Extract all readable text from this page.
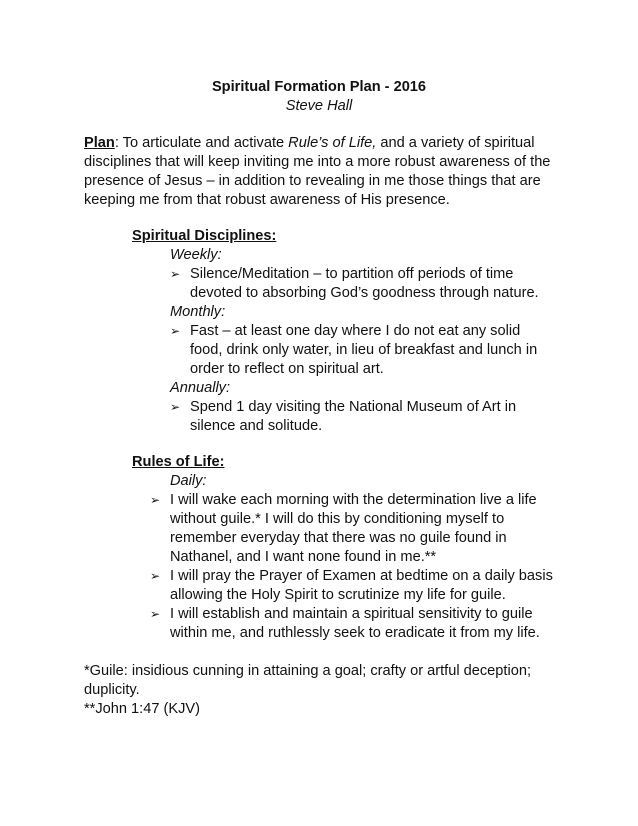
Spiritual Formation Plan - 2016

Steve Hall

Plan: To articulate and activate Rule’s of Life, and a variety of spiritual disciplines that will keep inviting me into a more robust awareness of the presence of Jesus – in addition to revealing in me those things that are keeping me from that robust awareness of His presence.

Spiritual Disciplines:

Weekly:

➢ Silence/Meditation – to partition off periods of time devoted to absorbing God’s goodness through nature.

Monthly:

➢ Fast – at least one day where I do not eat any solid food, drink only water, in lieu of breakfast and lunch in order to reflect on spiritual art.

Annually:

➢ Spend 1 day visiting the National Museum of Art in silence and solitude.

Rules of Life:

Daily:

➢ I will wake each morning with the determination live a life without guile.* I will do this by conditioning myself to remember everyday that there was no guile found in Nathanel, and I want none found in me.**
➢ I will pray the Prayer of Examen at bedtime on a daily basis allowing the Holy Spirit to scrutinize my life for guile.
➢ I will establish and maintain a spiritual sensitivity to guile within me, and ruthlessly seek to eradicate it from my life.

*Guile: insidious cunning in attaining a goal; crafty or artful deception; duplicity.

**John 1:47 (KJV)
